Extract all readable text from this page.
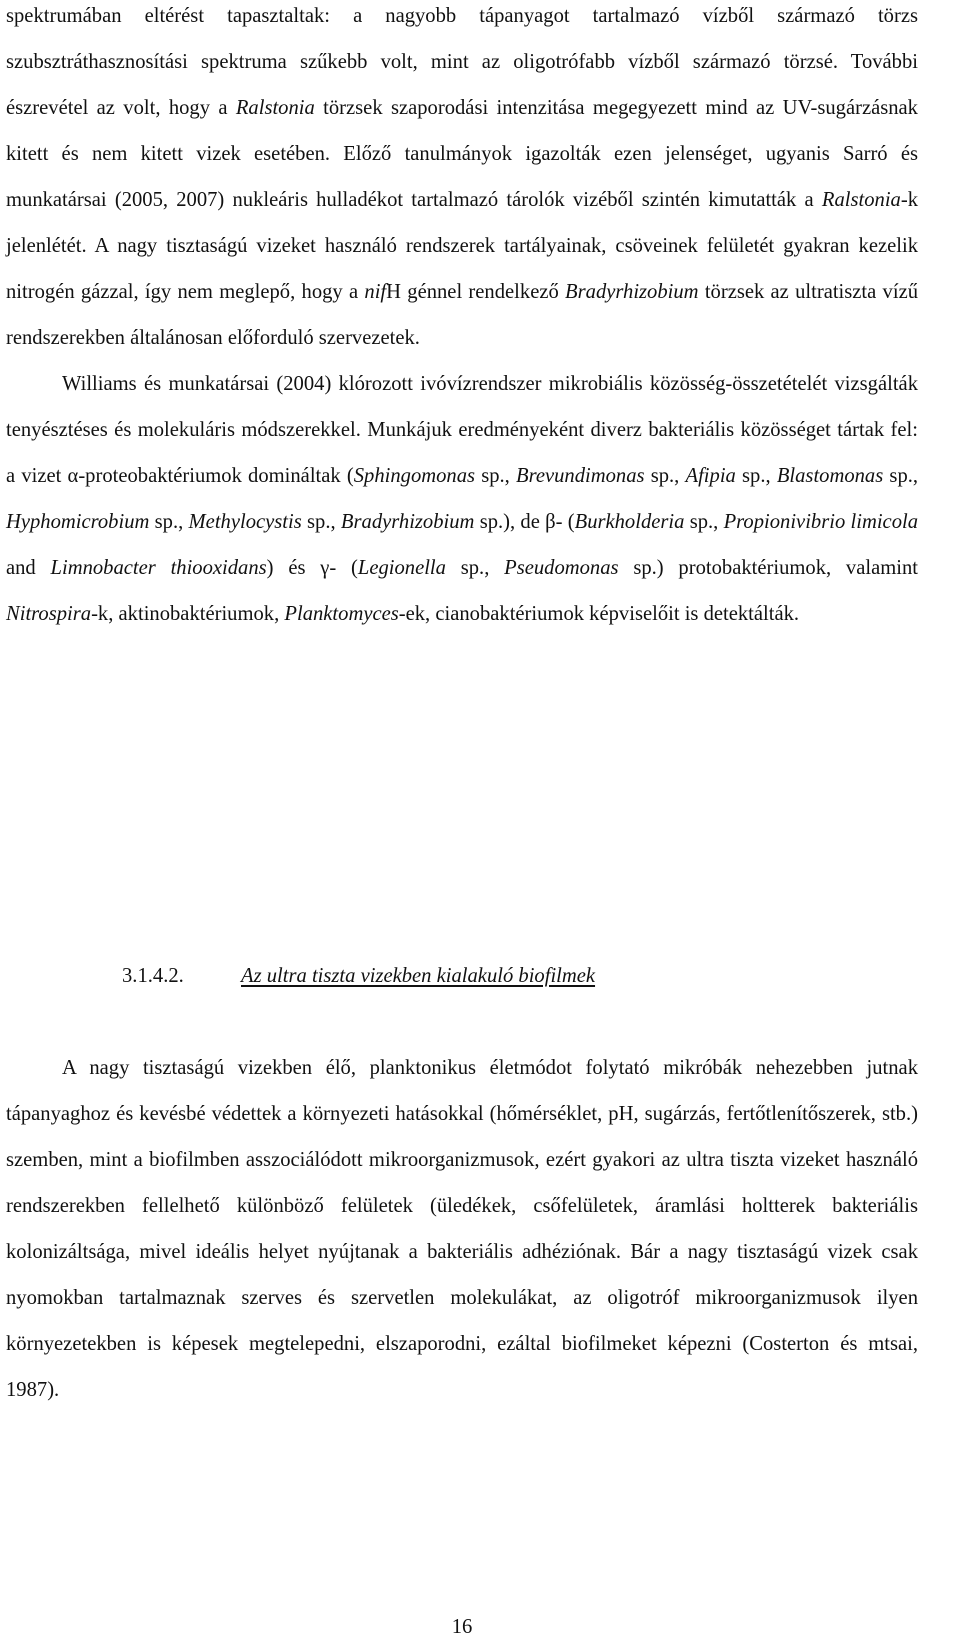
spektrumában eltérést tapasztaltak: a nagyobb tápanyagot tartalmazó vízből származó törzs szubsztráthasznosítási spektruma szűkebb volt, mint az oligotrófabb vízből származó törzsé. További észrevétel az volt, hogy a Ralstonia törzsek szaporodási intenzitása megegyezett mind az UV-sugárzásnak kitett és nem kitett vizek esetében. Előző tanulmányok igazolták ezen jelenséget, ugyanis Sarró és munkatársai (2005, 2007) nukleáris hulladékot tartalmazó tárolók vizéből szintén kimutatták a Ralstonia-k jelenlétét. A nagy tisztaságú vizeket használó rendszerek tartályainak, csöveinek felületét gyakran kezelik nitrogén gázzal, így nem meglepő, hogy a nifH génnel rendelkező Bradyrhizobium törzsek az ultratiszta vízű rendszerekben általánosan előforduló szervezetek.

Williams és munkatársai (2004) klórozott ivóvízrendszer mikrobiális közösség-összetételét vizsgálták tenyésztéses és molekuláris módszerekkel. Munkájuk eredményeként diverz bakteriális közösséget tártak fel: a vizet α-proteobaktériumok domináltak (Sphingomonas sp., Brevundimonas sp., Afipia sp., Blastomonas sp., Hyphomicrobium sp., Methylocystis sp., Bradyrhizobium sp.), de β- (Burkholderia sp., Propionivibrio limicola and Limnobacter thiooxidans) és γ- (Legionella sp., Pseudomonas sp.) protobaktériumok, valamint Nitrospira-k, aktinobaktériumok, Planktomyces-ek, cianobaktériumok képviselőit is detektálták.

3.1.4.2.	Az ultra tiszta vizekben kialakuló biofilmek

A nagy tisztaságú vizekben élő, planktonikus életmódot folytató mikróbák nehezebben jutnak tápanyaghoz és kevésbé védettek a környezeti hatásokkal (hőmérséklet, pH, sugárzás, fertőtlenítőszerek, stb.) szemben, mint a biofilmben asszociálódott mikroorganizmusok, ezért gyakori az ultra tiszta vizeket használó rendszerekben fellelhető különböző felületek (üledékek, csőfelületek, áramlási holtterek bakteriális kolonizáltsága, mivel ideális helyet nyújtanak a bakteriális adhéziónak. Bár a nagy tisztaságú vizek csak nyomokban tartalmaznak szerves és szervetlen molekulákat, az oligotróf mikroorganizmusok ilyen környezetekben is képesek megtelepedni, elszaporodni, ezáltal biofilmeket képezni (Costerton és mtsai, 1987).

16
